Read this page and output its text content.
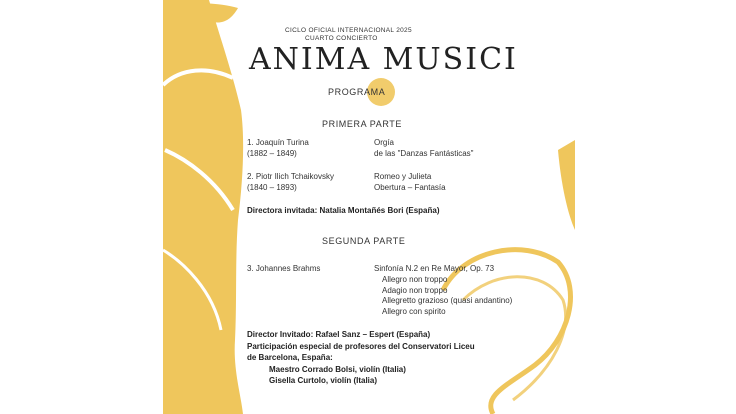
CICLO OFICIAL INTERNACIONAL 2025
CUARTO CONCIERTO
ANIMA MUSICI
PROGRAMA
PRIMERA PARTE
1. Joaquín Turina
(1882 – 1849)
Orgía
de las "Danzas Fantásticas"
2. Piotr Ilich Tchaikovsky
(1840 – 1893)
Romeo y Julieta
Obertura – Fantasía
Directora invitada: Natalia Montañés Bori (España)
SEGUNDA PARTE
3. Johannes Brahms	Sinfonía N.2 en Re Mayor, Op. 73
Allegro non troppo
Adagio non troppo
Allegretto grazioso (quasi andantino)
Allegro con spirito
Director Invitado: Rafael Sanz – Espert (España)
Participación especial de profesores del Conservatori Liceu
de Barcelona, España:
Maestro Corrado Bolsi, violín (Italia)
Gisella Curtolo, violín (Italia)
